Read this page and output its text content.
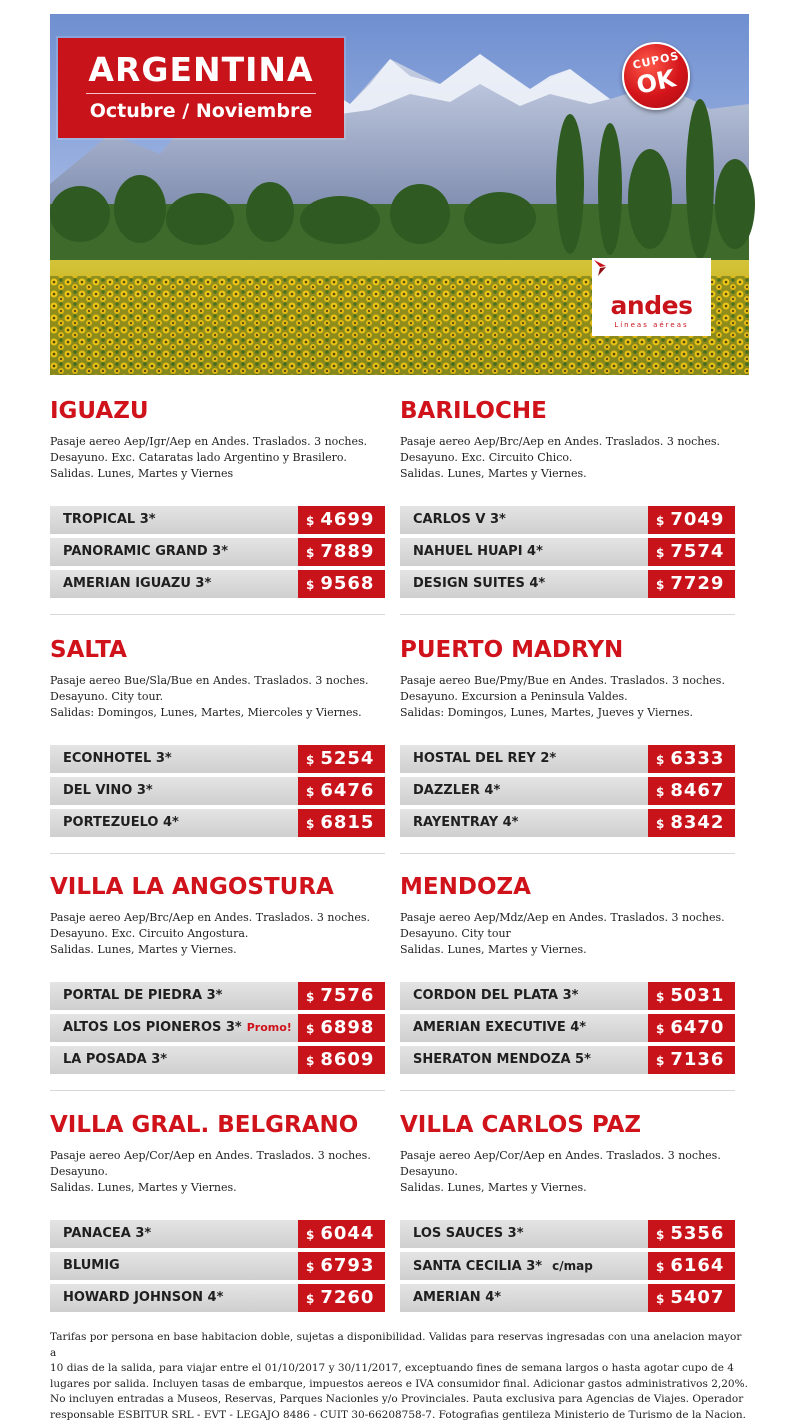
ARGENTINA
Octubre / Noviembre
CUPOS
OK
andes
Líneas aéreas
IGUAZU
Pasaje aereo Aep/Igr/Aep en Andes. Traslados. 3 noches.
Desayuno. Exc. Cataratas lado Argentino y Brasilero.
Salidas. Lunes, Martes y Viernes
TROPICAL 3*	$ 4699
PANORAMIC GRAND 3*	$ 7889
AMERIAN IGUAZU 3*	$ 9568
BARILOCHE
Pasaje aereo Aep/Brc/Aep en Andes. Traslados. 3 noches.
Desayuno. Exc. Circuito Chico.
Salidas. Lunes, Martes y Viernes.
CARLOS V 3*	$ 7049
NAHUEL HUAPI 4*	$ 7574
DESIGN SUITES 4*	$ 7729
SALTA
Pasaje aereo Bue/Sla/Bue en Andes. Traslados. 3 noches.
Desayuno. City tour.
Salidas: Domingos, Lunes, Martes, Miercoles y Viernes.
ECONHOTEL 3*	$ 5254
DEL VINO 3*	$ 6476
PORTEZUELO 4*	$ 6815
PUERTO MADRYN
Pasaje aereo Bue/Pmy/Bue en Andes. Traslados. 3 noches.
Desayuno. Excursion a Peninsula Valdes.
Salidas: Domingos, Lunes, Martes, Jueves y Viernes.
HOSTAL DEL REY 2*	$ 6333
DAZZLER 4*	$ 8467
RAYENTRAY 4*	$ 8342
VILLA LA ANGOSTURA
Pasaje aereo Aep/Brc/Aep en Andes. Traslados. 3 noches.
Desayuno. Exc. Circuito Angostura.
Salidas. Lunes, Martes y Viernes.
PORTAL DE PIEDRA 3*	$ 7576
ALTOS LOS PIONEROS 3* Promo!	$ 6898
LA POSADA 3*	$ 8609
MENDOZA
Pasaje aereo Aep/Mdz/Aep en Andes. Traslados. 3 noches.
Desayuno. City tour
Salidas. Lunes, Martes y Viernes.
CORDON DEL PLATA 3*	$ 5031
AMERIAN EXECUTIVE 4*	$ 6470
SHERATON MENDOZA 5*	$ 7136
VILLA GRAL. BELGRANO
Pasaje aereo Aep/Cor/Aep en Andes. Traslados. 3 noches.
Desayuno.
Salidas. Lunes, Martes y Viernes.
PANACEA 3*	$ 6044
BLUMIG	$ 6793
HOWARD JOHNSON 4*	$ 7260
VILLA CARLOS PAZ
Pasaje aereo Aep/Cor/Aep en Andes. Traslados. 3 noches.
Desayuno.
Salidas. Lunes, Martes y Viernes.
LOS SAUCES 3*	$ 5356
SANTA CECILIA 3* c/map	$ 6164
AMERIAN 4*	$ 5407
Tarifas por persona en base habitacion doble, sujetas a disponibilidad. Validas para reservas ingresadas con una anelacion mayor a
10 dias de la salida, para viajar entre el 01/10/2017 y 30/11/2017, exceptuando fines de semana largos o hasta agotar cupo de 4
lugares por salida. Incluyen tasas de embarque, impuestos aereos e IVA consumidor final. Adicionar gastos administrativos 2,20%.
No incluyen entradas a Museos, Reservas, Parques Nacionles y/o Provinciales. Pauta exclusiva para Agencias de Viajes. Operador
responsable ESBITUR SRL - EVT - LEGAJO 8486 - CUIT 30-66208758-7. Fotografias gentileza Ministerio de Turismo de la Nacion.
